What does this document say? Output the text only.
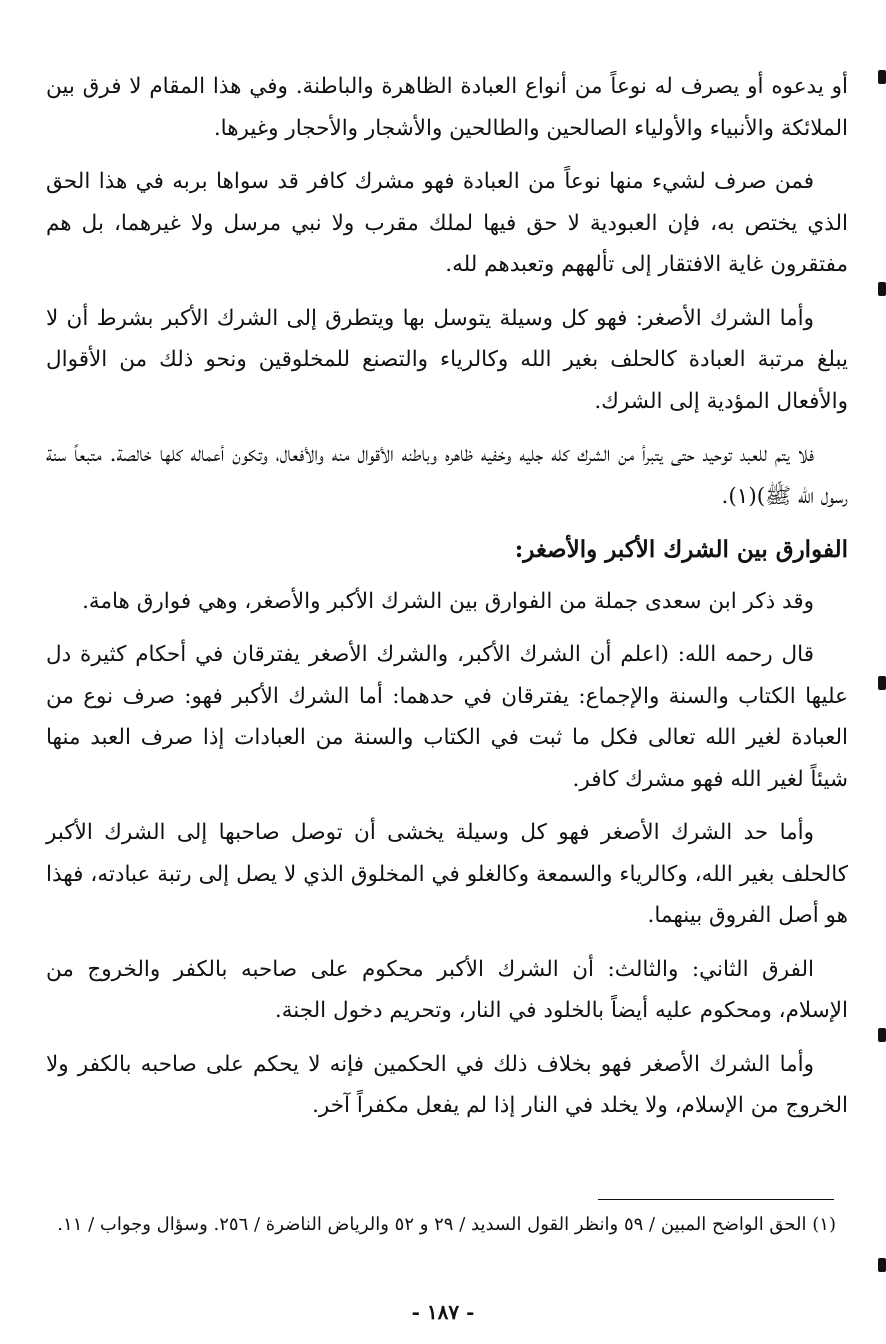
أو يدعوه أو يصرف له نوعاً من أنواع العبادة الظاهرة والباطنة. وفي هذا المقام لا فرق بين الملائكة والأنبياء والأولياء الصالحين والطالحين والأشجار والأحجار وغيرها.

فمن صرف لشيء منها نوعاً من العبادة فهو مشرك كافر قد سواها بربه في هذا الحق الذي يختص به، فإن العبودية لا حق فيها لملك مقرب ولا نبي مرسل ولا غيرهما، بل هم مفتقرون غاية الافتقار إلى تألههم وتعبدهم لله.

وأما الشرك الأصغر: فهو كل وسيلة يتوسل بها ويتطرق إلى الشرك الأكبر بشرط أن لا يبلغ مرتبة العبادة كالحلف بغير الله وكالرياء والتصنع للمخلوقين ونحو ذلك من الأقوال والأفعال المؤدية إلى الشرك.

فلا يتم للعبد توحيد حتى يتبرأ من الشرك كله جليه وخفيه ظاهره وباطنه الأقوال منه والأفعال، وتكون أعماله كلها خالصة. متبعاً سنة رسول الله ﷺ)(١).

الفوارق بين الشرك الأكبر والأصغر:

وقد ذكر ابن سعدى جملة من الفوارق بين الشرك الأكبر والأصغر، وهي فوارق هامة.

قال رحمه الله: (اعلم أن الشرك الأكبر، والشرك الأصغر يفترقان في أحكام كثيرة دل عليها الكتاب والسنة والإجماع: يفترقان في حدهما: أما الشرك الأكبر فهو: صرف نوع من العبادة لغير الله تعالى فكل ما ثبت في الكتاب والسنة من العبادات إذا صرف العبد منها شيئاً لغير الله فهو مشرك كافر.

وأما حد الشرك الأصغر فهو كل وسيلة يخشى أن توصل صاحبها إلى الشرك الأكبر كالحلف بغير الله، وكالرياء والسمعة وكالغلو في المخلوق الذي لا يصل إلى رتبة عبادته، فهذا هو أصل الفروق بينهما.

الفرق الثاني: والثالث: أن الشرك الأكبر محكوم على صاحبه بالكفر والخروج من الإسلام، ومحكوم عليه أيضاً بالخلود في النار، وتحريم دخول الجنة.

وأما الشرك الأصغر فهو بخلاف ذلك في الحكمين فإنه لا يحكم على صاحبه بالكفر ولا الخروج من الإسلام، ولا يخلد في النار إذا لم يفعل مكفراً آخر.

(١) الحق الواضح المبين / ٥٩ وانظر القول السديد / ٢٩ و ٥٢ والرياض الناضرة / ٢٥٦. وسؤال وجواب / ١١.

- ١٨٧ -
